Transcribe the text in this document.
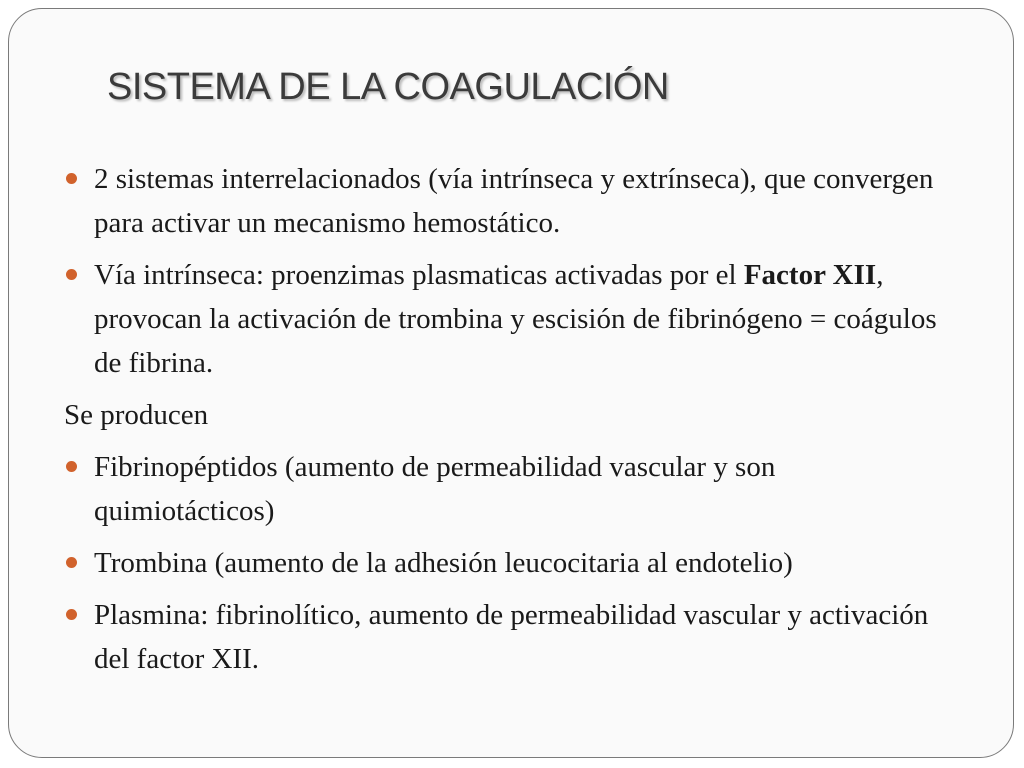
SISTEMA DE LA COAGULACIÓN
2 sistemas interrelacionados (vía intrínseca y extrínseca), que convergen para activar un mecanismo hemostático.
Vía intrínseca: proenzimas plasmaticas activadas por el Factor XII, provocan la activación de trombina y escisión de fibrinógeno = coágulos de fibrina.
Se producen
Fibrinopéptidos (aumento de permeabilidad vascular y son quimiotácticos)
Trombina (aumento de la adhesión leucocitaria al endotelio)
Plasmina: fibrinolítico, aumento de permeabilidad vascular y activación del factor XII.
